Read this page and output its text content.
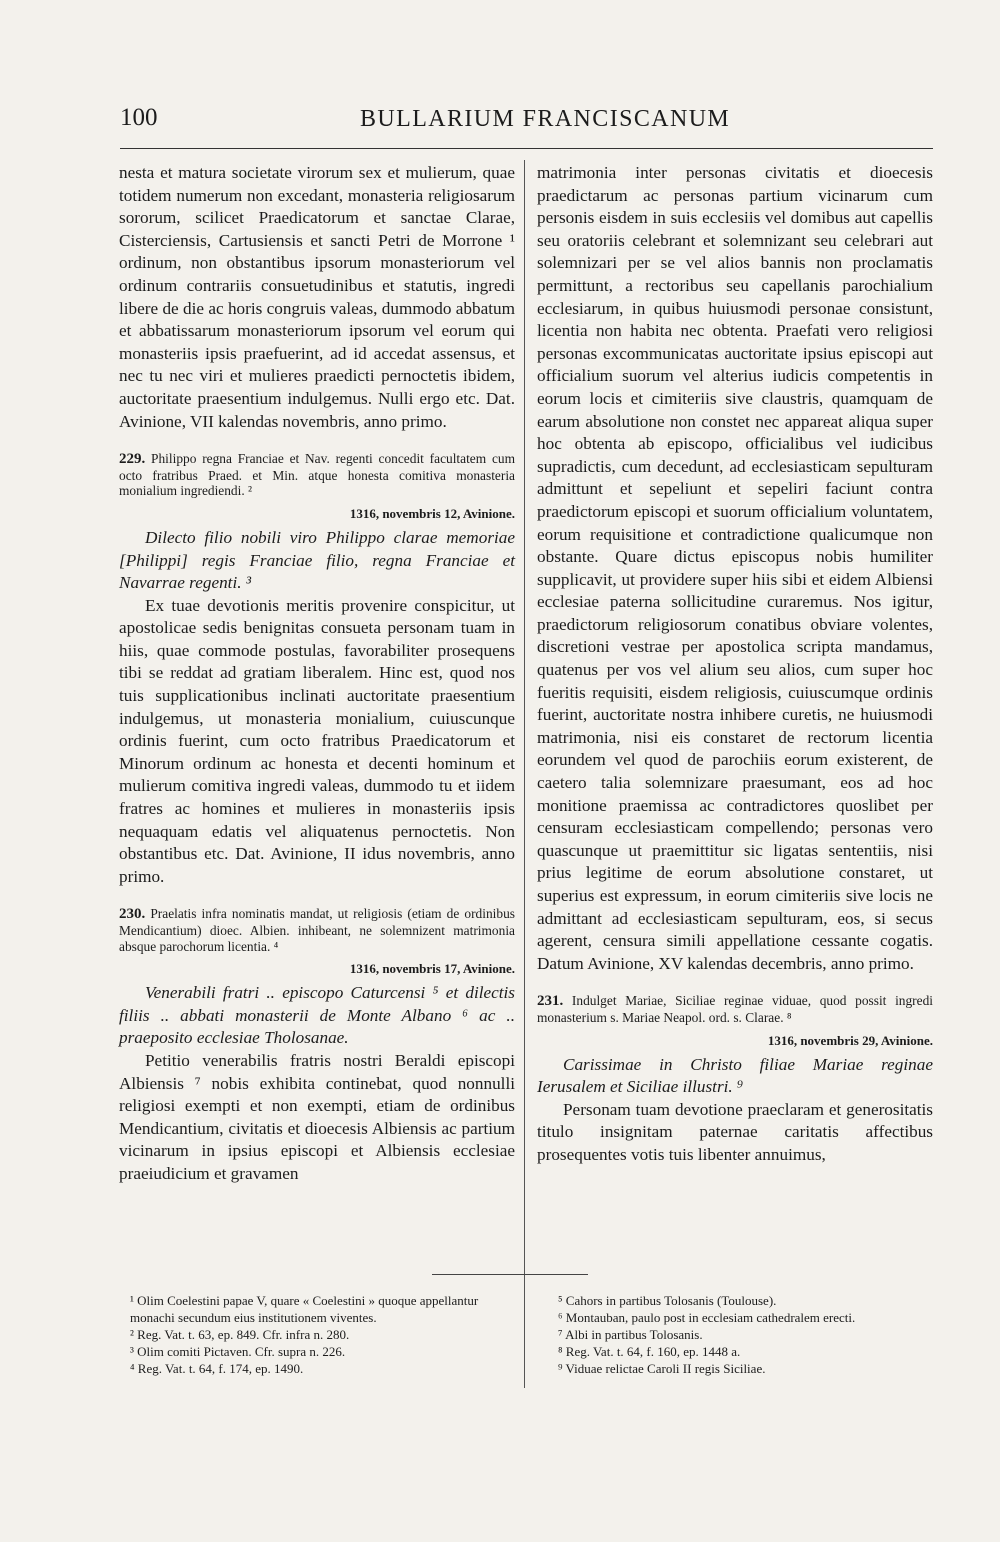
100	BULLARIUM FRANCISCANUM

nesta et matura societate virorum sex et mulierum, quae totidem numerum non excedant, monasteria religiosarum sororum, scilicet Praedicatorum et sanctae Clarae, Cisterciensis, Cartusiensis et sancti Petri de Morrone ¹ ordinum, non obstantibus ipsorum monasteriorum vel ordinum contrariis consuetudinibus et statutis, ingredi libere de die ac horis congruis valeas, dummodo abbatum et abbatissarum monasteriorum ipsorum vel eorum qui monasteriis ipsis praefuerint, ad id accedat assensus, et nec tu nec viri et mulieres praedicti pernoctetis ibidem, auctoritate praesentium indulgemus. Nulli ergo etc. Dat. Avinione, VII kalendas novembris, anno primo.

229. Philippo regna Franciae et Nav. regenti concedit facultatem cum octo fratribus Praed. et Min. atque honesta comitiva monasteria monialium ingrediendi. ²

1316, novembris 12, Avinione.

Dilecto filio nobili viro Philippo clarae memoriae [Philippi] regis Franciae filio, regna Franciae et Navarrae regenti. ³

Ex tuae devotionis meritis provenire conspicitur, ut apostolicae sedis benignitas consueta personam tuam in hiis, quae commode postulas, favorabiliter prosequens tibi se reddat ad gratiam liberalem. Hinc est, quod nos tuis supplicationibus inclinati auctoritate praesentium indulgemus, ut monasteria monialium, cuiuscunque ordinis fuerint, cum octo fratribus Praedicatorum et Minorum ordinum ac honesta et decenti hominum et mulierum comitiva ingredi valeas, dummodo tu et iidem fratres ac homines et mulieres in monasteriis ipsis nequaquam edatis vel aliquatenus pernoctetis. Non obstantibus etc. Dat. Avinione, II idus novembris, anno primo.

230. Praelatis infra nominatis mandat, ut religiosis (etiam de ordinibus Mendicantium) dioec. Albien. inhibeant, ne solemnizent matrimonia absque parochorum licentia. ⁴

1316, novembris 17, Avinione.

Venerabili fratri .. episcopo Caturcensi ⁵ et dilectis filiis .. abbati monasterii de Monte Albano ⁶ ac .. praeposito ecclesiae Tholosanae.

Petitio venerabilis fratris nostri Beraldi episcopi Albiensis ⁷ nobis exhibita continebat, quod nonnulli religiosi exempti et non exempti, etiam de ordinibus Mendicantium, civitatis et dioecesis Albiensis ac partium vicinarum in ipsius episcopi et Albiensis ecclesiae praeiudicium et gravamen

matrimonia inter personas civitatis et dioecesis praedictarum ac personas partium vicinarum cum personis eisdem in suis ecclesiis vel domibus aut capellis seu oratoriis celebrant et solemnizant seu celebrari aut solemnizari per se vel alios bannis non proclamatis permittunt, a rectoribus seu capellanis parochialium ecclesiarum, in quibus huiusmodi personae consistunt, licentia non habita nec obtenta. Praefati vero religiosi personas excommunicatas auctoritate ipsius episcopi aut officialium suorum vel alterius iudicis competentis in eorum locis et cimiteriis sive claustris, quamquam de earum absolutione non constet nec appareat aliqua super hoc obtenta ab episcopo, officialibus vel iudicibus supradictis, cum decedunt, ad ecclesiasticam sepulturam admittunt et sepeliunt et sepeliri faciunt contra praedictorum episcopi et suorum officialium voluntatem, eorum requisitione et contradictione qualicumque non obstante. Quare dictus episcopus nobis humiliter supplicavit, ut providere super hiis sibi et eidem Albiensi ecclesiae paterna sollicitudine curaremus. Nos igitur, praedictorum religiosorum conatibus obviare volentes, discretioni vestrae per apostolica scripta mandamus, quatenus per vos vel alium seu alios, cum super hoc fueritis requisiti, eisdem religiosis, cuiuscumque ordinis fuerint, auctoritate nostra inhibere curetis, ne huiusmodi matrimonia, nisi eis constaret de rectorum licentia eorundem vel quod de parochiis eorum existerent, de caetero talia solemnizare praesumant, eos ad hoc monitione praemissa ac contradictores quoslibet per censuram ecclesiasticam compellendo; personas vero quascunque ut praemittitur sic ligatas sententiis, nisi prius legitime de eorum absolutione constaret, ut superius est expressum, in eorum cimiteriis sive locis ne admittant ad ecclesiasticam sepulturam, eos, si secus agerent, censura simili appellatione cessante cogatis. Datum Avinione, XV kalendas decembris, anno primo.

231. Indulget Mariae, Siciliae reginae viduae, quod possit ingredi monasterium s. Mariae Neapol. ord. s. Clarae. ⁸

1316, novembris 29, Avinione.

Carissimae in Christo filiae Mariae reginae Ierusalem et Siciliae illustri. ⁹

Personam tuam devotione praeclaram et generositatis titulo insignitam paternae caritatis affectibus prosequentes votis tuis libenter annuimus,

¹ Olim Coelestini papae V, quare « Coelestini » quoque appellantur monachi secundum eius institutionem viventes.

² Reg. Vat. t. 63, ep. 849. Cfr. infra n. 280.

³ Olim comiti Pictaven. Cfr. supra n. 226.

⁴ Reg. Vat. t. 64, f. 174, ep. 1490.

⁵ Cahors in partibus Tolosanis (Toulouse).

⁶ Montauban, paulo post in ecclesiam cathedralem erecti.

⁷ Albi in partibus Tolosanis.

⁸ Reg. Vat. t. 64, f. 160, ep. 1448 a.

⁹ Viduae relictae Caroli II regis Siciliae.
